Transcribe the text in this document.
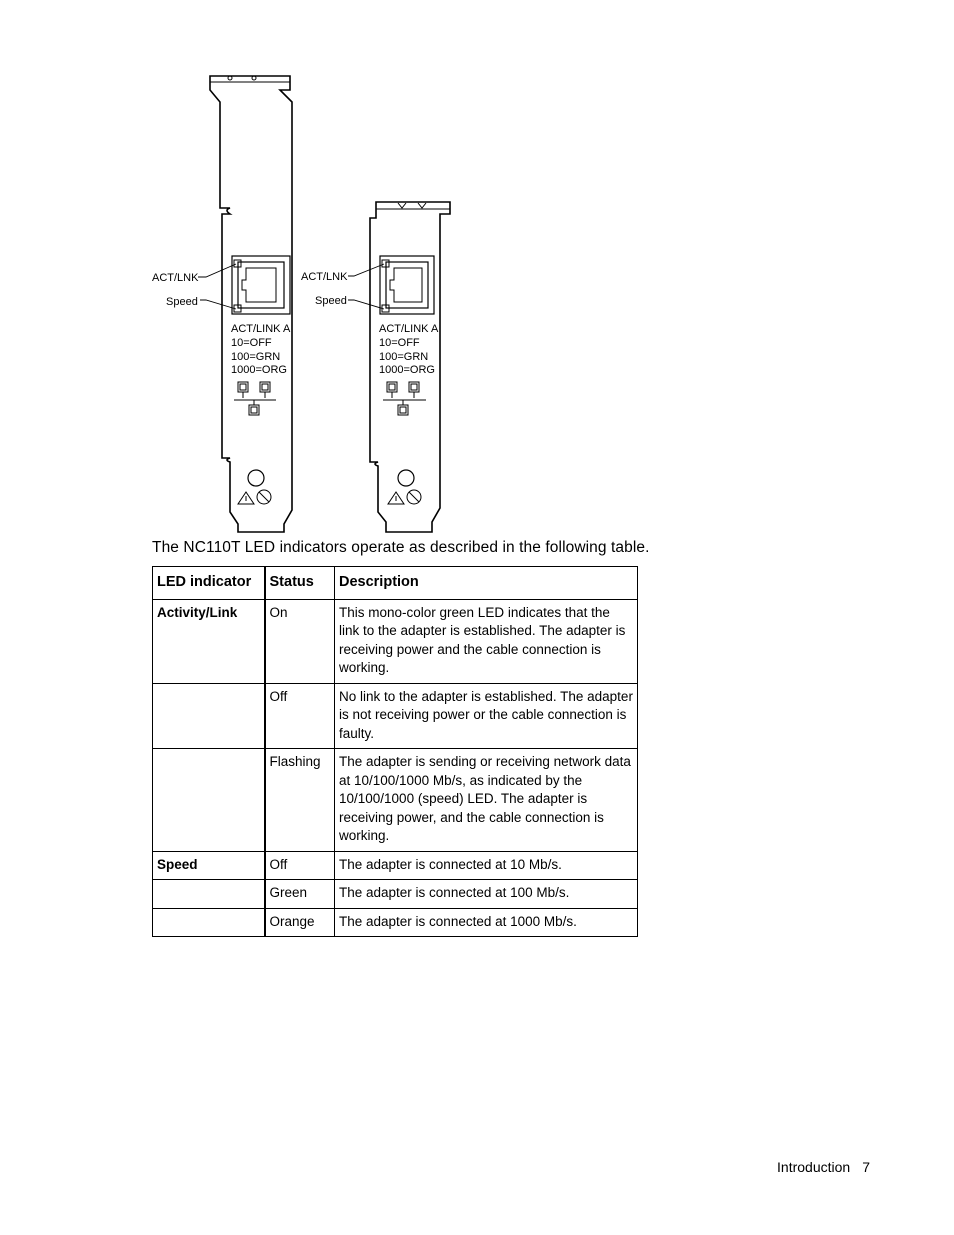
ACT/LNK
Speed
ACT/LNK
Speed
ACT/LINK A
10=OFF
100=GRN
1000=ORG
ACT/LINK A
10=OFF
100=GRN
1000=ORG
The NC110T LED indicators operate as described in the following table.
LED indicator	Status	Description
Activity/Link	On	This mono-color green LED indicates that the link to the adapter is established. The adapter is receiving power and the cable connection is working.
	Off	No link to the adapter is established. The adapter is not receiving power or the cable connection is faulty.
	Flashing	The adapter is sending or receiving network data at 10/100/1000 Mb/s, as indicated by the 10/100/1000 (speed) LED. The adapter is receiving power, and the cable connection is working.
Speed	Off	The adapter is connected at 10 Mb/s.
	Green	The adapter is connected at 100 Mb/s.
	Orange	The adapter is connected at 1000 Mb/s.
Introduction 7
